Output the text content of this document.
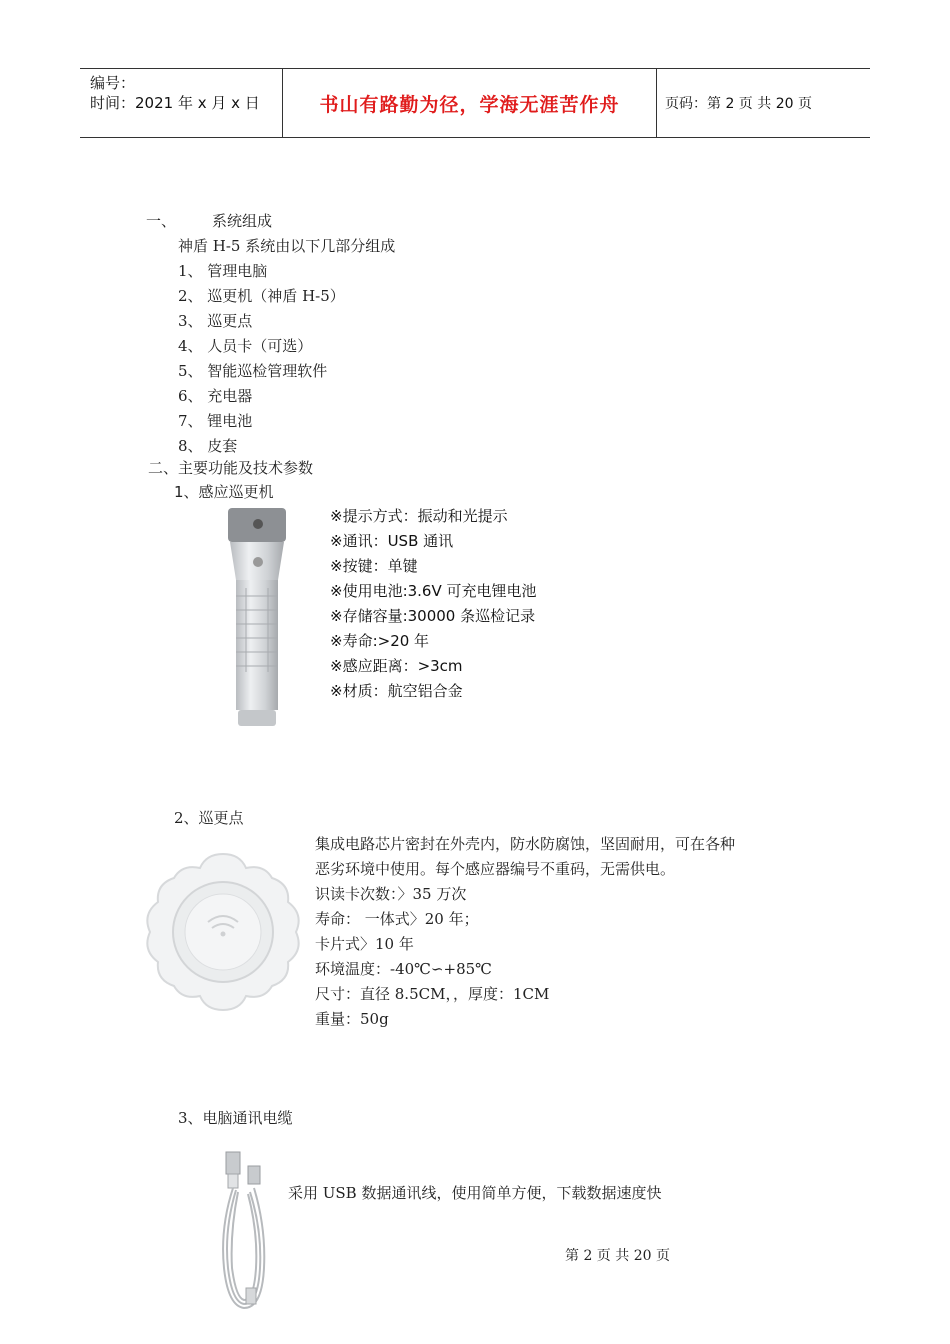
编号：
时间：2021 年 x 月 x 日	书山有路勤为径，学海无涯苦作舟	页码：第 2 页 共 20 页
一、 系统组成
神盾 H-5 系统由以下几部分组成
1、 管理电脑
2、 巡更机（神盾 H-5）
3、 巡更点
4、 人员卡（可选）
5、 智能巡检管理软件
6、 充电器
7、 锂电池
8、 皮套
二、主要功能及技术参数
1、感应巡更机
※提示方式：振动和光提示
※通讯：USB 通讯
※按键：单键
※使用电池:3.6V 可充电锂电池
※存储容量:30000 条巡检记录
※寿命:>20 年
※感应距离：>3cm
※材质：航空铝合金
2、巡更点
集成电路芯片密封在外壳内，防水防腐蚀，坚固耐用，可在各种
恶劣环境中使用。每个感应器编号不重码，无需供电。
识读卡次数：〉35 万次
寿命： 一体式〉20 年；
卡片式〉10 年
环境温度：-40℃∽+85℃
尺寸：直径 8.5CM，，厚度：1CM
重量：50g
3、电脑通讯电缆
采用 USB 数据通讯线，使用简单方便，下载数据速度快
第 2 页 共 20 页
